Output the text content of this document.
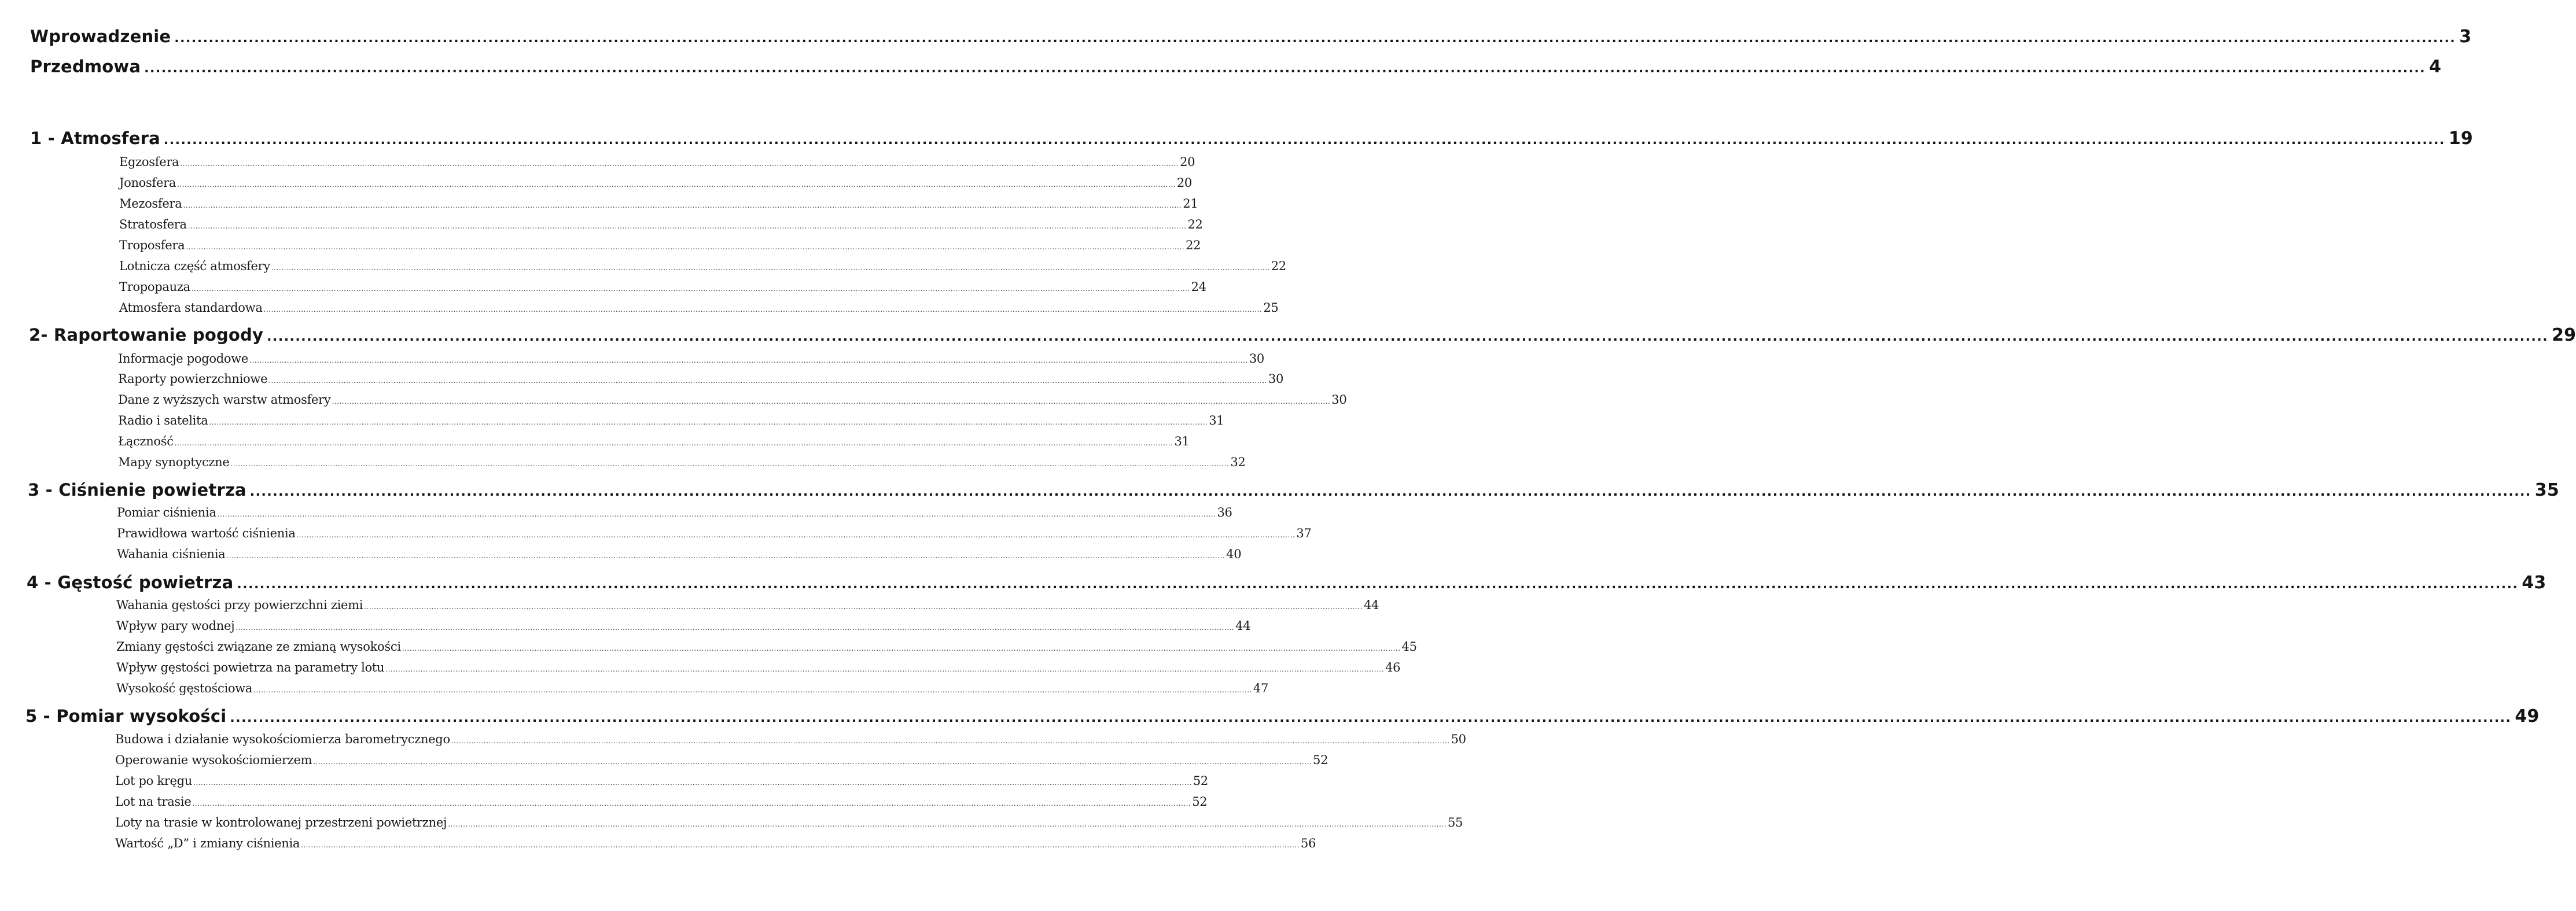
Wprowadzenie ................................................................................................................................................................................................................................................................................................................................................................................................................ 3
Przedmowa ................................................................................................................................................................................................................................................................................................................................................................................................................ 4
1 - Atmosfera ................................................................................................................................................................................................................................................................................................................................................................................................................ 19
Egzosfera ................................................................................................................................................................................................................................................................................................................................................................................................................ 20
Jonosfera ................................................................................................................................................................................................................................................................................................................................................................................................................ 20
Mezosfera ................................................................................................................................................................................................................................................................................................................................................................................................................ 21
Stratosfera ................................................................................................................................................................................................................................................................................................................................................................................................................ 22
Troposfera ................................................................................................................................................................................................................................................................................................................................................................................................................ 22
Lotnicza część atmosfery ................................................................................................................................................................................................................................................................................................................................................................................................................ 22
Tropopauza ................................................................................................................................................................................................................................................................................................................................................................................................................ 24
Atmosfera standardowa ................................................................................................................................................................................................................................................................................................................................................................................................................ 25
2- Raportowanie pogody ................................................................................................................................................................................................................................................................................................................................................................................................................ 29
Informacje pogodowe ................................................................................................................................................................................................................................................................................................................................................................................................................ 30
Raporty powierzchniowe ................................................................................................................................................................................................................................................................................................................................................................................................................ 30
Dane z wyższych warstw atmosfery ................................................................................................................................................................................................................................................................................................................................................................................................................ 30
Radio i satelita ................................................................................................................................................................................................................................................................................................................................................................................................................ 31
Łączność ................................................................................................................................................................................................................................................................................................................................................................................................................ 31
Mapy synoptyczne ................................................................................................................................................................................................................................................................................................................................................................................................................ 32
3 - Ciśnienie powietrza ................................................................................................................................................................................................................................................................................................................................................................................................................ 35
Pomiar ciśnienia ................................................................................................................................................................................................................................................................................................................................................................................................................ 36
Prawidłowa wartość ciśnienia ................................................................................................................................................................................................................................................................................................................................................................................................................ 37
Wahania ciśnienia ................................................................................................................................................................................................................................................................................................................................................................................................................ 40
4 - Gęstość powietrza ................................................................................................................................................................................................................................................................................................................................................................................................................ 43
Wahania gęstości przy powierzchni ziemi ................................................................................................................................................................................................................................................................................................................................................................................................................ 44
Wpływ pary wodnej ................................................................................................................................................................................................................................................................................................................................................................................................................ 44
Zmiany gęstości związane ze zmianą wysokości ................................................................................................................................................................................................................................................................................................................................................................................................................ 45
Wpływ gęstości powietrza na parametry lotu ................................................................................................................................................................................................................................................................................................................................................................................................................ 46
Wysokość gęstościowa ................................................................................................................................................................................................................................................................................................................................................................................................................ 47
5 - Pomiar wysokości ................................................................................................................................................................................................................................................................................................................................................................................................................ 49
Budowa i działanie wysokościomierza barometrycznego ................................................................................................................................................................................................................................................................................................................................................................................................................ 50
Operowanie wysokościomierzem ................................................................................................................................................................................................................................................................................................................................................................................................................ 52
Lot po kręgu ................................................................................................................................................................................................................................................................................................................................................................................................................ 52
Lot na trasie ................................................................................................................................................................................................................................................................................................................................................................................................................ 52
Loty na trasie w kontrolowanej przestrzeni powietrznej ................................................................................................................................................................................................................................................................................................................................................................................................................ 55
Wartość „D” i zmiany ciśnienia ................................................................................................................................................................................................................................................................................................................................................................................................................ 56
